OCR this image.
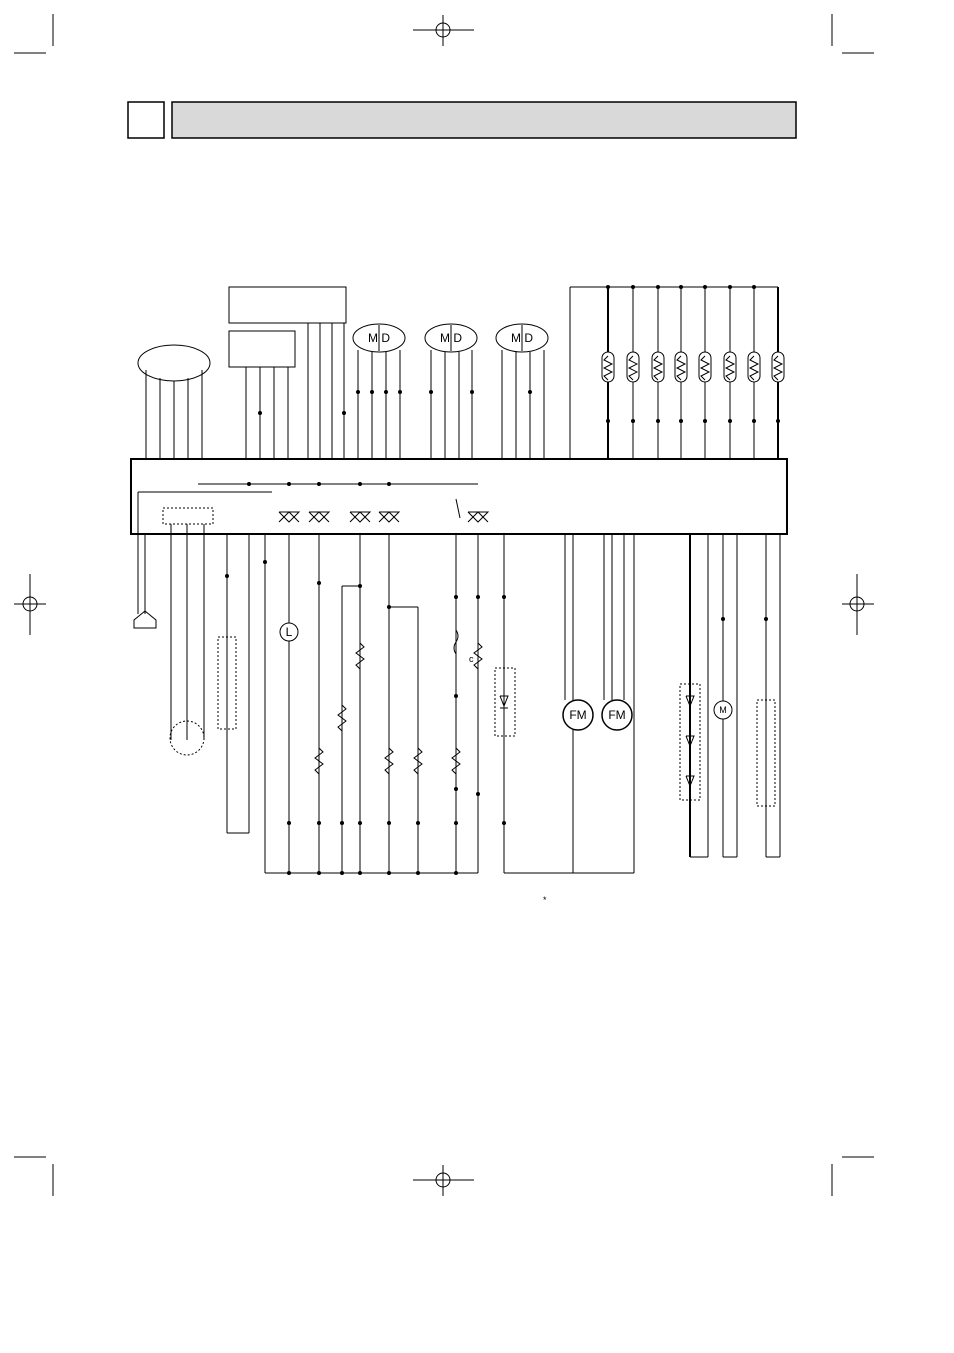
M D	M D	M D
L
FM FM	M
c
*
